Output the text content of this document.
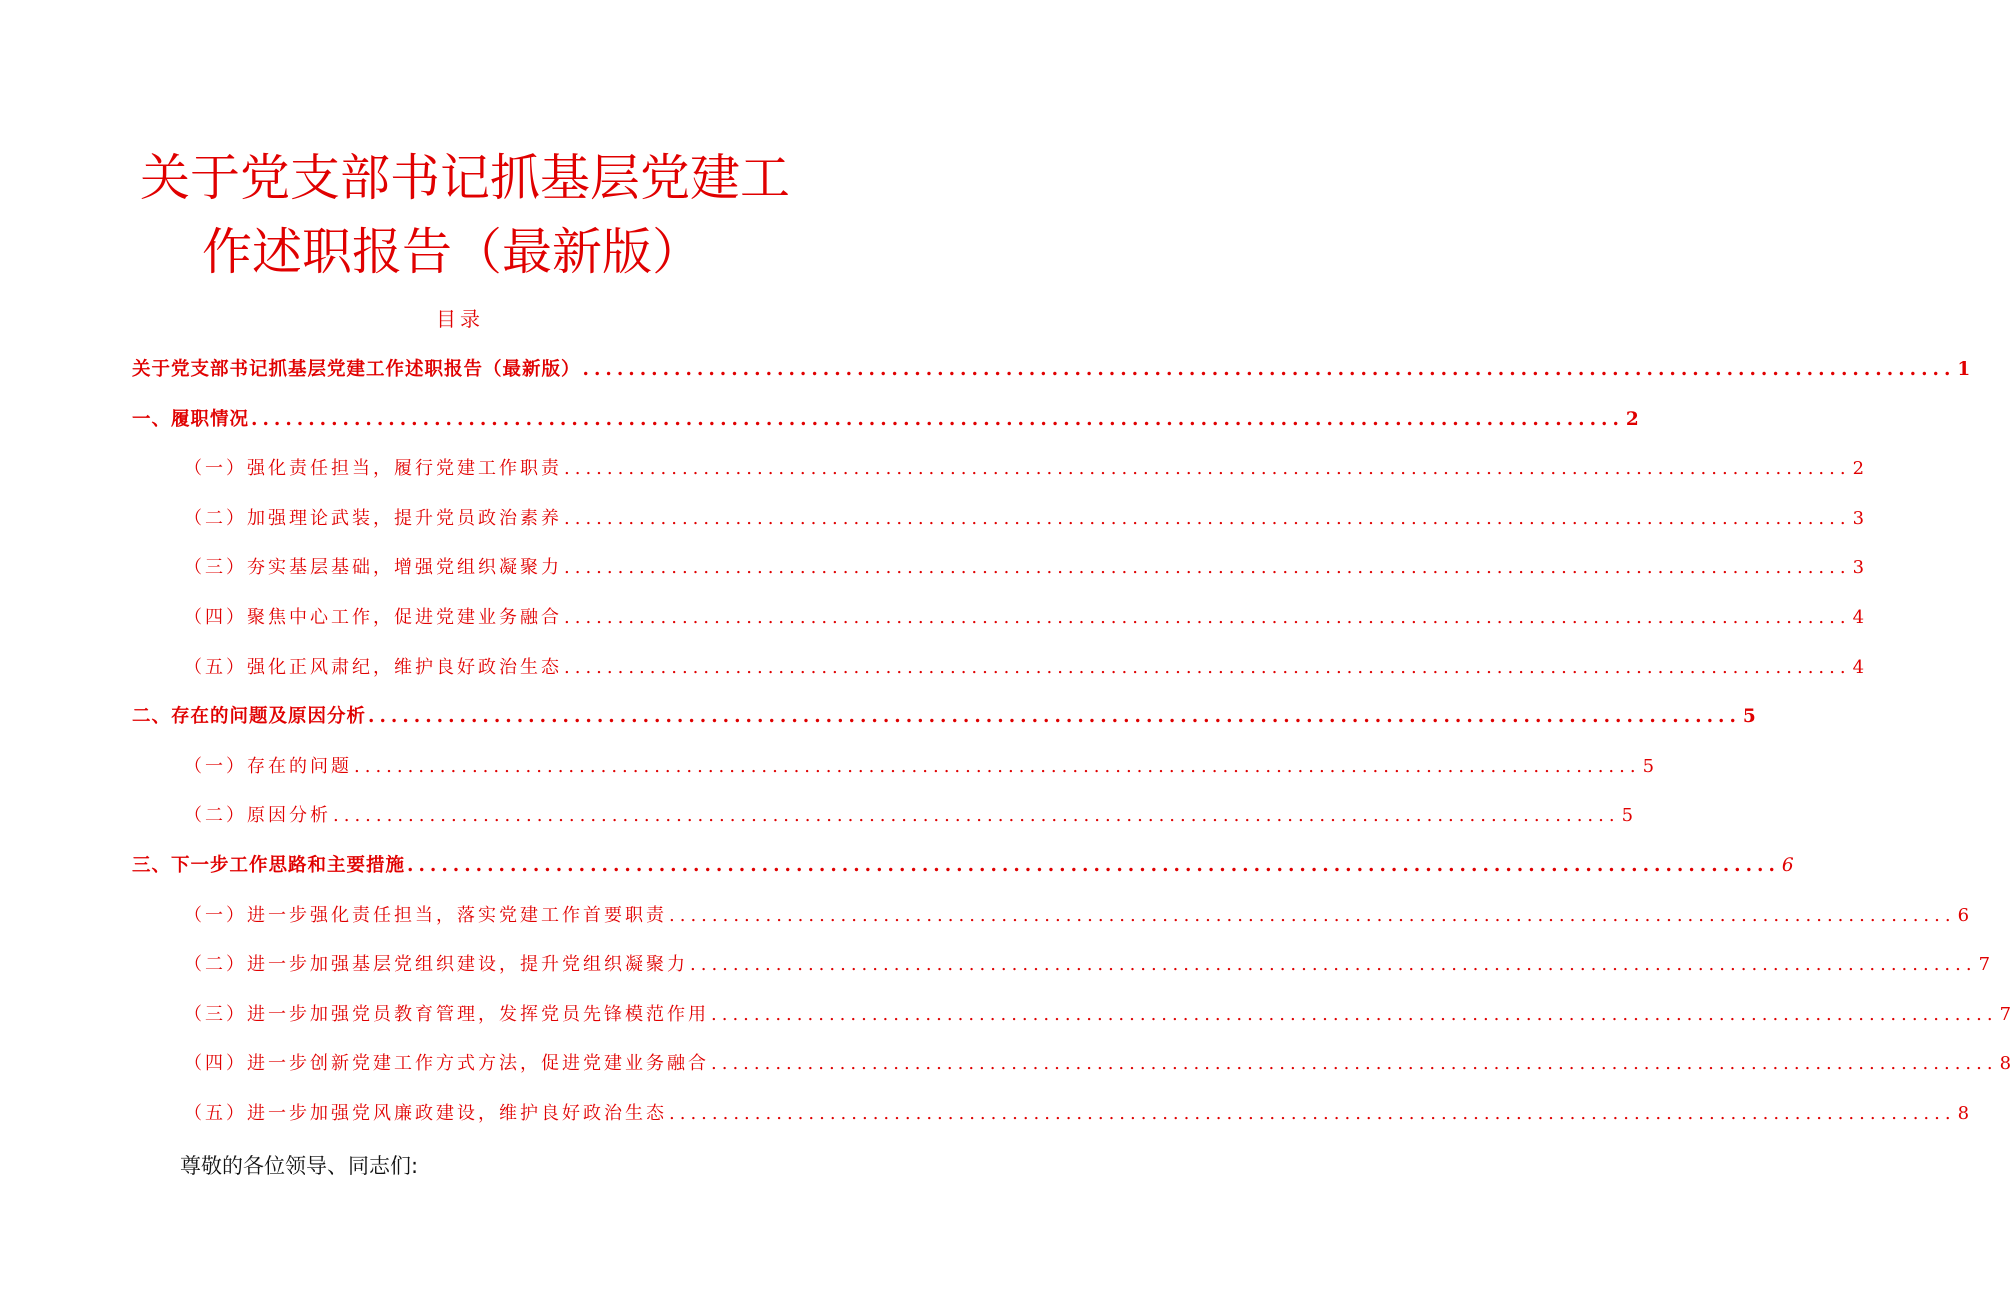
关于党支部书记抓基层党建工
作述职报告（最新版）
目录
关于党支部书记抓基层党建工作述职报告（最新版） ........................................................................................................................ 1
一、履职情况 ........................................................................................................................ 2
（一）强化责任担当，履行党建工作职责 ........................................................................................................................ 2
（二）加强理论武装，提升党员政治素养 ........................................................................................................................ 3
（三）夯实基层基础，增强党组织凝聚力 ........................................................................................................................ 3
（四）聚焦中心工作，促进党建业务融合 ........................................................................................................................ 4
（五）强化正风肃纪，维护良好政治生态 ........................................................................................................................ 4
二、存在的问题及原因分析 ........................................................................................................................ 5
（一）存在的问题 ........................................................................................................................ 5
（二）原因分析 ........................................................................................................................ 5
三、下一步工作思路和主要措施 ........................................................................................................................ 6
（一）进一步强化责任担当，落实党建工作首要职责 ........................................................................................................................ 6
（二）进一步加强基层党组织建设，提升党组织凝聚力 ........................................................................................................................ 7
（三）进一步加强党员教育管理，发挥党员先锋模范作用 ........................................................................................................................ 7
（四）进一步创新党建工作方式方法，促进党建业务融合 ........................................................................................................................ 8
（五）进一步加强党风廉政建设，维护良好政治生态 ........................................................................................................................ 8
尊敬的各位领导、同志们:
